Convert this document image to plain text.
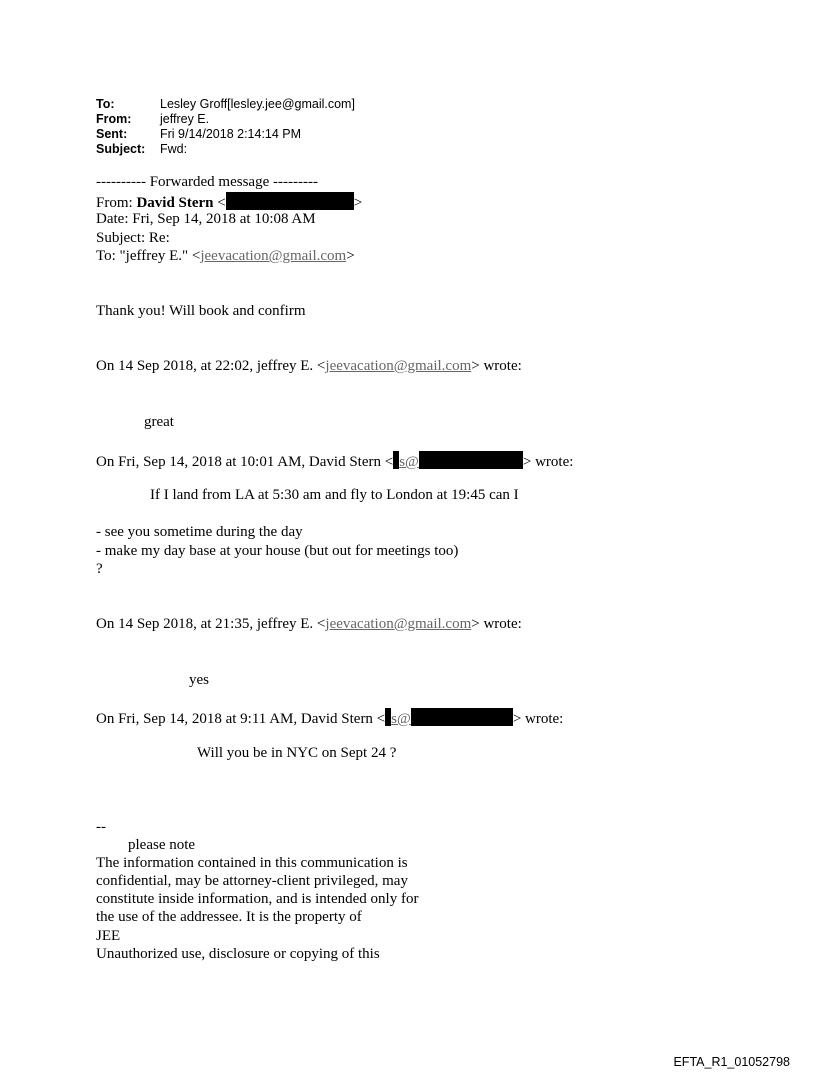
To:	Lesley Groff[lesley.jee@gmail.com]
From: jeffrey E.
Sent:	Fri 9/14/2018 2:14:14 PM
Subject: Fwd:
---------- Forwarded message ---------
From: David Stern <	>
Date: Fri, Sep 14, 2018 at 10:08 AM
Subject: Re:
To: "jeffrey E." <jeevacation@gmail.com>
Thank you! Will book and confirm
On 14 Sep 2018, at 22:02, jeffrey E. <jeevacation@gmail.com> wrote:
great
On Fri, Sep 14, 2018 at 10:01 AM, David Stern < s@	> wrote:
If I land from LA at 5:30 am and fly to London at 19:45 can I
- see you sometime during the day
- make my day base at your house (but out for meetings too)
?
On 14 Sep 2018, at 21:35, jeffrey E. <jeevacation@gmail.com> wrote:
yes
On Fri, Sep 14, 2018 at 9:11 AM, David Stern < s@	> wrote:
Will you be in NYC on Sept 24 ?
--
please note
The information contained in this communication is
confidential, may be attorney-client privileged, may
constitute inside information, and is intended only for
the use of the addressee. It is the property of
JEE
Unauthorized use, disclosure or copying of this
EFTA_R1_01052798
